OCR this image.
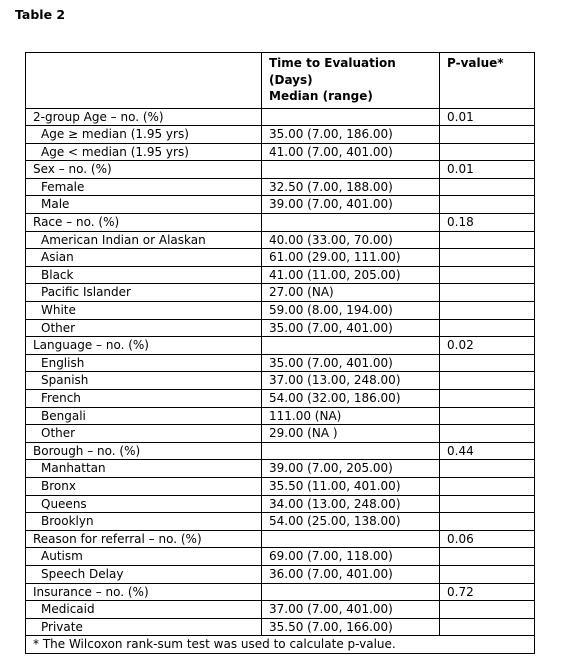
Table 2

	Time to Evaluation
(Days)
Median (range)	P-value*
2-group Age – no. (%)		0.01
Age ≥ median (1.95 yrs)	35.00 (7.00, 186.00)	
Age < median (1.95 yrs)	41.00 (7.00, 401.00)	
Sex – no. (%)		0.01
Female	32.50 (7.00, 188.00)	
Male	39.00 (7.00, 401.00)	
Race – no. (%)		0.18
American Indian or Alaskan	40.00 (33.00, 70.00)	
Asian	61.00 (29.00, 111.00)	
Black	41.00 (11.00, 205.00)	
Pacific Islander	27.00 (NA)	
White	59.00 (8.00, 194.00)	
Other	35.00 (7.00, 401.00)	
Language – no. (%)		0.02
English	35.00 (7.00, 401.00)	
Spanish	37.00 (13.00, 248.00)	
French	54.00 (32.00, 186.00)	
Bengali	111.00 (NA)	
Other	29.00 (NA )	
Borough – no. (%)		0.44
Manhattan	39.00 (7.00, 205.00)	
Bronx	35.50 (11.00, 401.00)	
Queens	34.00 (13.00, 248.00)	
Brooklyn	54.00 (25.00, 138.00)	
Reason for referral – no. (%)		0.06
Autism	69.00 (7.00, 118.00)	
Speech Delay	36.00 (7.00, 401.00)	
Insurance – no. (%)		0.72
Medicaid	37.00 (7.00, 401.00)	
Private	35.50 (7.00, 166.00)	
* The Wilcoxon rank-sum test was used to calculate p-value.		
